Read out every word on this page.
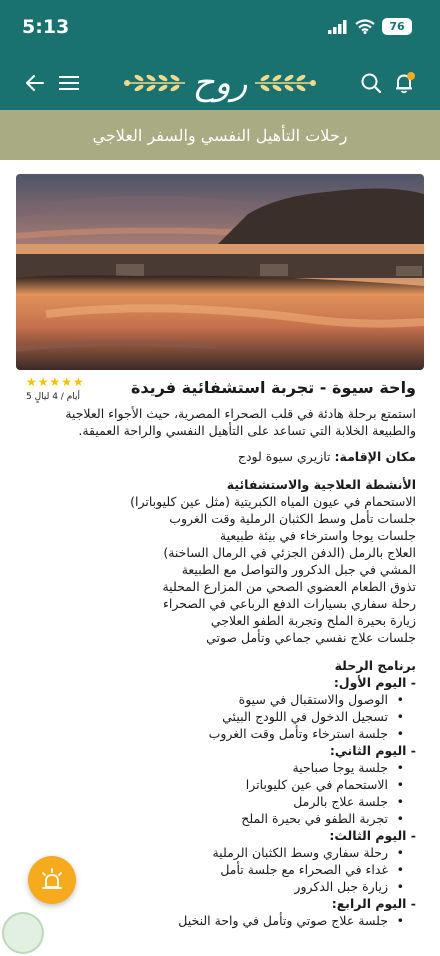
5:13	76
روح
رحلات التأهيل النفسي والسفر العلاجي
★★★★★
5 أيام / 4 ليالٍ	واحة سيوة - تجربة استشفائية فريدة
استمتع برحلة هادئة في قلب الصحراء المصرية، حيث الأجواء العلاجية
والطبيعة الخلابة التي تساعد على التأهيل النفسي والراحة العميقة.
مكان الإقامة: تازيري سيوة لودج
الأنشطة العلاجية والاستشفائية
الاستحمام في عيون المياه الكبريتية (مثل عين كليوباترا)
جلسات تأمل وسط الكثبان الرملية وقت الغروب
جلسات يوجا واسترخاء في بيئة طبيعية
العلاج بالرمل (الدفن الجزئي في الرمال الساخنة)
المشي في جبل الدكرور والتواصل مع الطبيعة
تذوق الطعام العضوي الصحي من المزارع المحلية
رحلة سفاري بسيارات الدفع الرباعي في الصحراء
زيارة بحيرة الملح وتجربة الطفو العلاجي
جلسات علاج نفسي جماعي وتأمل صوتي
برنامج الرحلة
- اليوم الأول:
• الوصول والاستقبال في سيوة
• تسجيل الدخول في اللودج البيئي
• جلسة استرخاء وتأمل وقت الغروب
- اليوم الثاني:
• جلسة يوجا صباحية
• الاستحمام في عين كليوباترا
• جلسة علاج بالرمل
• تجربة الطفو في بحيرة الملح
- اليوم الثالث:
• رحلة سفاري وسط الكثبان الرملية
• غداء في الصحراء مع جلسة تأمل
• زيارة جبل الدكرور
- اليوم الرابع:
• جلسة علاج صوتي وتأمل في واحة النخيل
